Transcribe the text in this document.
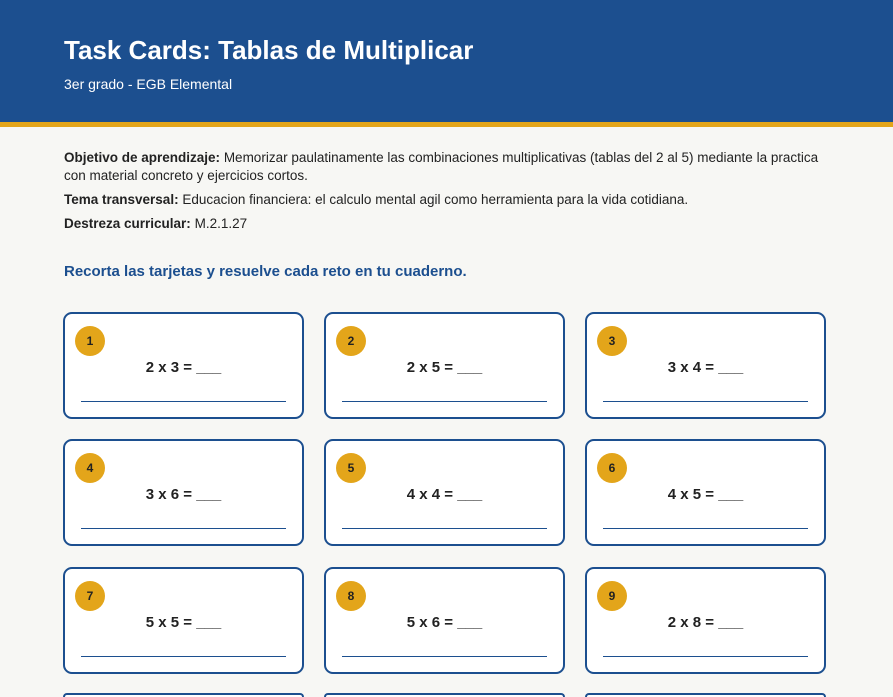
Task Cards: Tablas de Multiplicar
3er grado - EGB Elemental

Objetivo de aprendizaje: Memorizar paulatinamente las combinaciones multiplicativas (tablas del 2 al 5) mediante la practica con material concreto y ejercicios cortos.

Tema transversal: Educacion financiera: el calculo mental agil como herramienta para la vida cotidiana.

Destreza curricular: M.2.1.27

Recorta las tarjetas y resuelve cada reto en tu cuaderno.
1
2 x 3 = ___
2
2 x 5 = ___
3
3 x 4 = ___
4
3 x 6 = ___
5
4 x 4 = ___
6
4 x 5 = ___
7
5 x 5 = ___
8
5 x 6 = ___
9
2 x 8 = ___
